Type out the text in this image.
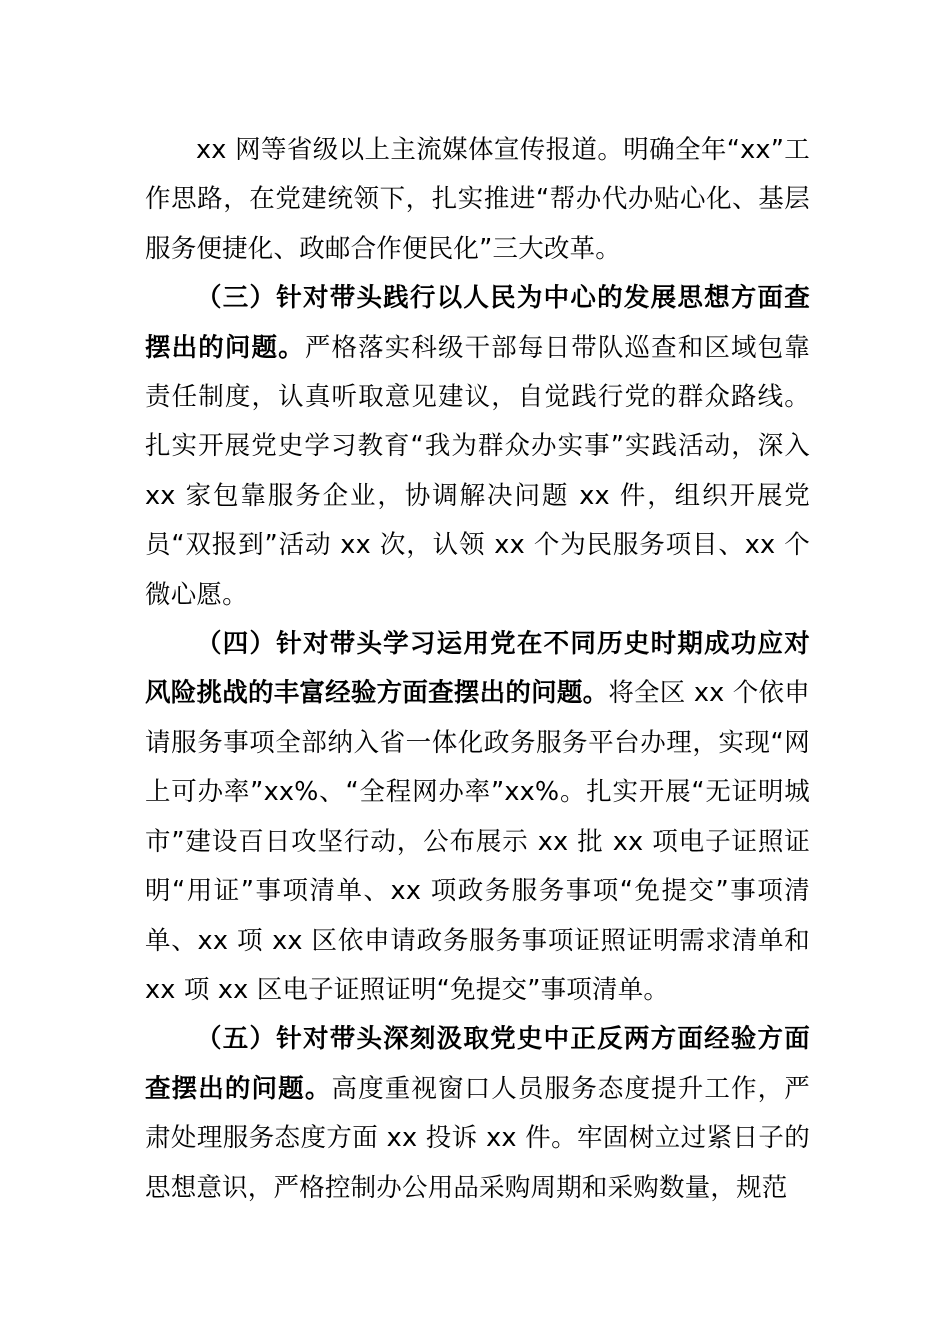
xx 网等省级以上主流媒体宣传报道。明确全年“xx”工作思路，在党建统领下，扎实推进“帮办代办贴心化、基层服务便捷化、政邮合作便民化”三大改革。

（三）针对带头践行以人民为中心的发展思想方面查摆出的问题。严格落实科级干部每日带队巡查和区域包靠责任制度，认真听取意见建议，自觉践行党的群众路线。扎实开展党史学习教育“我为群众办实事”实践活动，深入 xx 家包靠服务企业，协调解决问题 xx 件，组织开展党员“双报到”活动 xx 次，认领 xx 个为民服务项目、xx 个微心愿。

（四）针对带头学习运用党在不同历史时期成功应对风险挑战的丰富经验方面查摆出的问题。将全区 xx 个依申请服务事项全部纳入省一体化政务服务平台办理，实现“网上可办率”xx%、“全程网办率”xx%。扎实开展“无证明城市”建设百日攻坚行动，公布展示 xx 批 xx 项电子证照证明“用证”事项清单、xx 项政务服务事项“免提交”事项清单、xx 项 xx 区依申请政务服务事项证照证明需求清单和 xx 项 xx 区电子证照证明“免提交”事项清单。

（五）针对带头深刻汲取党史中正反两方面经验方面查摆出的问题。高度重视窗口人员服务态度提升工作，严肃处理服务态度方面 xx 投诉 xx 件。牢固树立过紧日子的思想意识，严格控制办公用品采购周期和采购数量，规范
